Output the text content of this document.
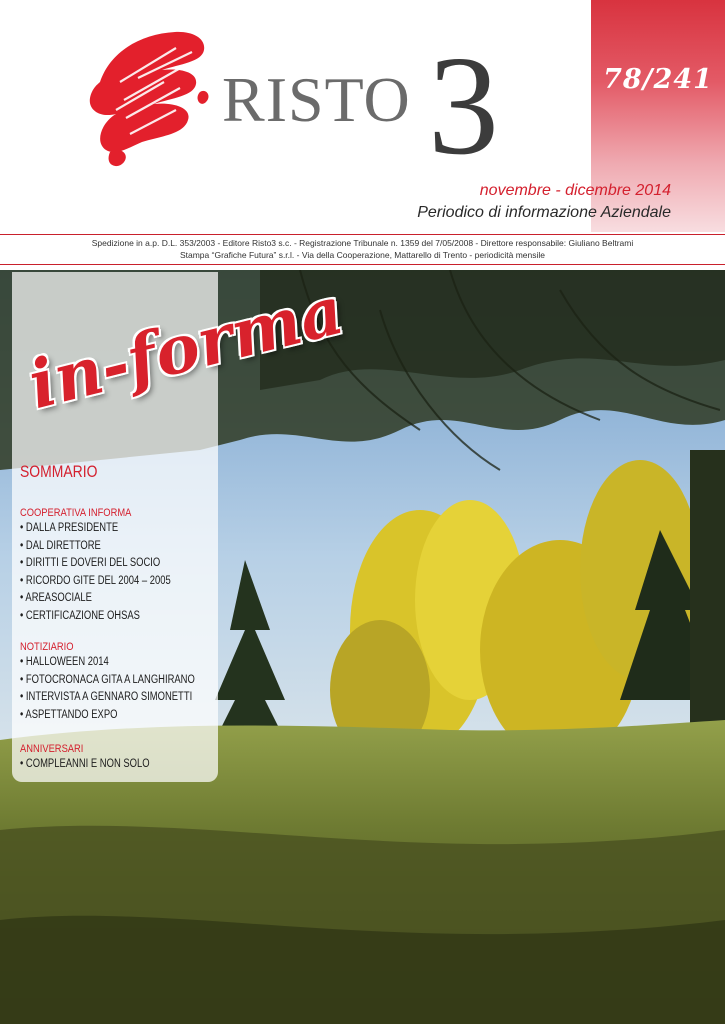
78/241
RISTO 3
novembre - dicembre 2014
Periodico di informazione Aziendale
Spedizione in a.p. D.L. 353/2003 - Editore Risto3 s.c. - Registrazione Tribunale n. 1359 del 7/05/2008 - Direttore responsabile: Giuliano Beltrami
Stampa “Grafiche Futura” s.r.l. - Via della Cooperazione, Mattarello di Trento - periodicità mensile
in-forma
SOMMARIO
COOPERATIVA INFORMA
• DALLA PRESIDENTE
• DAL DIRETTORE
• DIRITTI E DOVERI DEL SOCIO
• RICORDO GITE DEL 2004 – 2005
• AREASOCIALE
• CERTIFICAZIONE OHSAS
NOTIZIARIO
• HALLOWEEN 2014
• FOTOCRONACA GITA A LANGHIRANO
• INTERVISTA A GENNARO SIMONETTI
• ASPETTANDO EXPO
ANNIVERSARI
• COMPLEANNI E NON SOLO
